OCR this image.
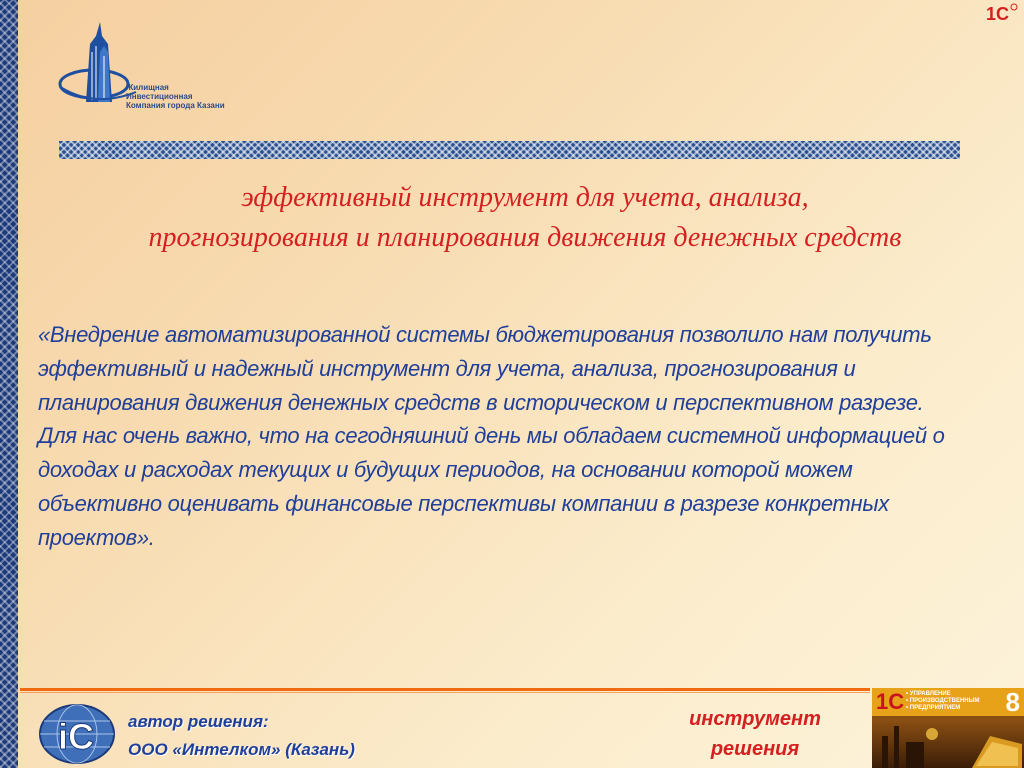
1С
Жилищная
Инвестиционная
Компания города Казани
эффективный инструмент для учета, анализа,
прогнозирования и планирования движения денежных средств

«Внедрение автоматизированной системы бюджетирования позволило нам получить эффективный и надежный инструмент для учета, анализа, прогнозирования и планирования движения денежных средств в историческом и перспективном разрезе.

Для нас очень важно, что на сегодняшний день мы обладаем системной информацией о доходах и расходах текущих и будущих периодов, на основании которой можем объективно оценивать финансовые перспективы компании в разрезе конкретных проектов».

iС автор решения:
ООО «Интелком» (Казань)
инструмент
решения
1С • УПРАВЛЕНИЕ
• ПРОИЗВОДСТВЕННЫМ
• ПРЕДПРИЯТИЕМ	8
